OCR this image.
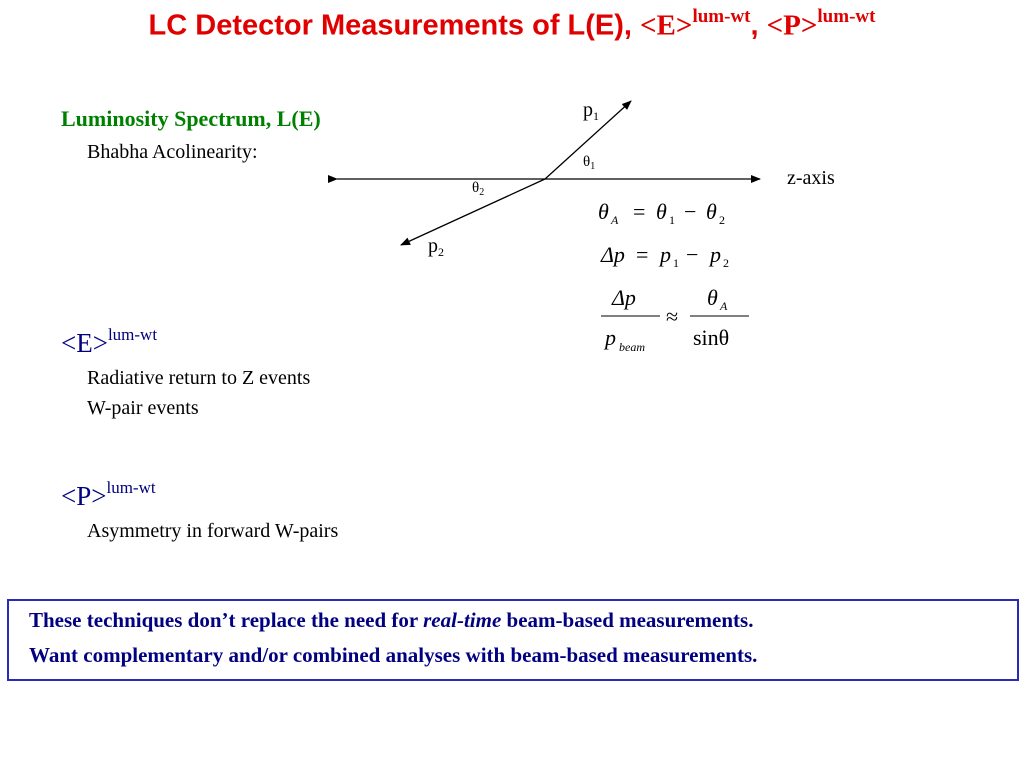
LC Detector Measurements of L(E), <E>$^{lum-wt}$, <P>$^{lum-wt}$
Luminosity Spectrum, L(E)
Bhabha Acolinearity:
$p_1$
$\theta_1$
$\theta_2$
$p_2$
z-axis
θ A = θ 1 − θ 2
Δp = p 1 − p 2
Δp
p beam
≈
θ A
sinθ
<E>$^{lum-wt}$
Radiative return to Z events
W-pair events
<P>$^{lum-wt}$
Asymmetry in forward W-pairs
These techniques don’t replace the need for real-time beam-based measurements.
Want complementary and/or combined analyses with beam-based measurements.
